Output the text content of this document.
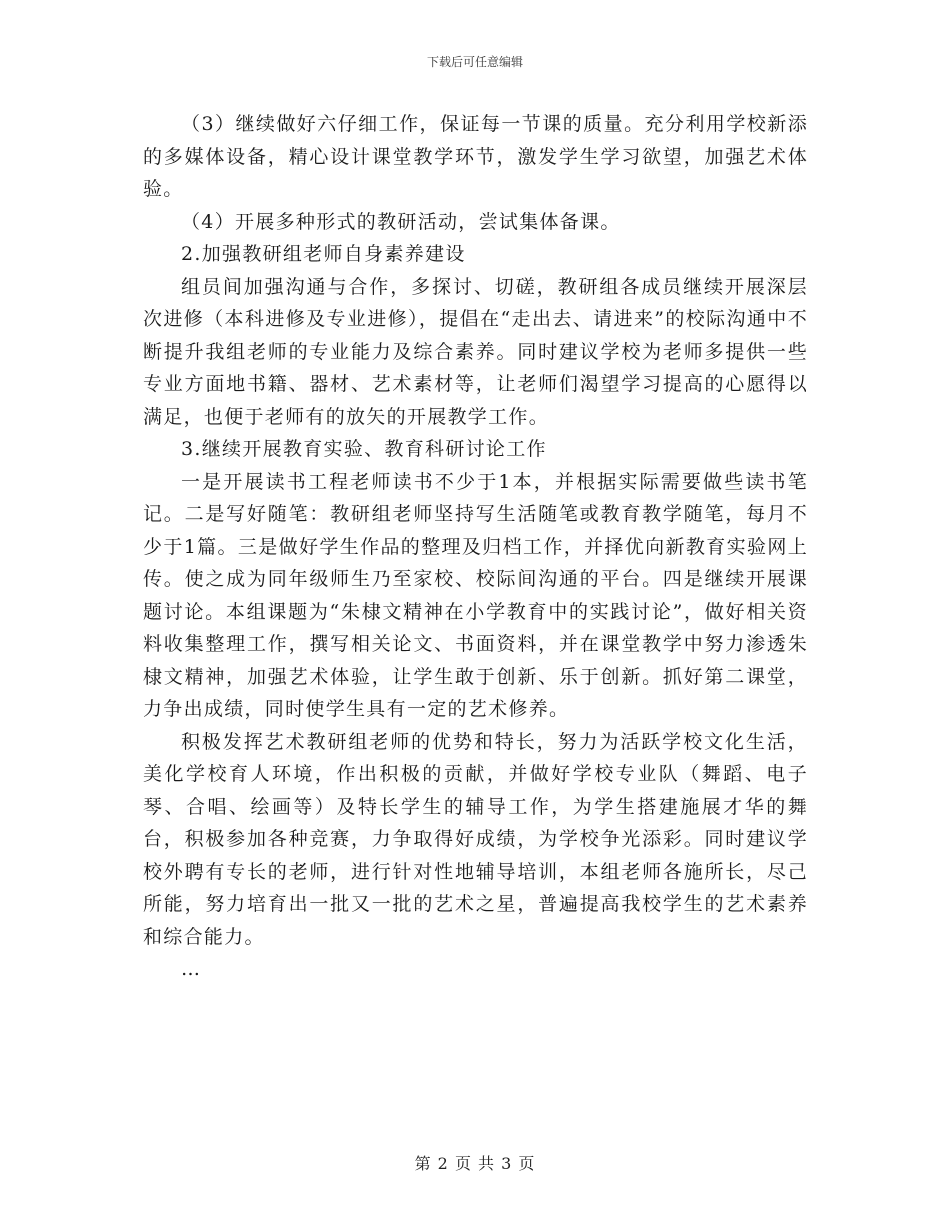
下载后可任意编辑

（3）继续做好六仔细工作，保证每一节课的质量。充分利用学校新添的多媒体设备，精心设计课堂教学环节，激发学生学习欲望，加强艺术体验。

（4）开展多种形式的教研活动，尝试集体备课。

2.加强教研组老师自身素养建设

组员间加强沟通与合作，多探讨、切磋，教研组各成员继续开展深层次进修（本科进修及专业进修），提倡在“走出去、请进来”的校际沟通中不断提升我组老师的专业能力及综合素养。同时建议学校为老师多提供一些专业方面地书籍、器材、艺术素材等，让老师们渴望学习提高的心愿得以满足，也便于老师有的放矢的开展教学工作。

3.继续开展教育实验、教育科研讨论工作

一是开展读书工程老师读书不少于1本，并根据实际需要做些读书笔记。二是写好随笔：教研组老师坚持写生活随笔或教育教学随笔，每月不少于1篇。三是做好学生作品的整理及归档工作，并择优向新教育实验网上传。使之成为同年级师生乃至家校、校际间沟通的平台。四是继续开展课题讨论。本组课题为“朱棣文精神在小学教育中的实践讨论”，做好相关资料收集整理工作，撰写相关论文、书面资料，并在课堂教学中努力渗透朱棣文精神，加强艺术体验，让学生敢于创新、乐于创新。抓好第二课堂，力争出成绩，同时使学生具有一定的艺术修养。

积极发挥艺术教研组老师的优势和特长，努力为活跃学校文化生活，美化学校育人环境，作出积极的贡献，并做好学校专业队（舞蹈、电子琴、合唱、绘画等）及特长学生的辅导工作，为学生搭建施展才华的舞台，积极参加各种竞赛，力争取得好成绩，为学校争光添彩。同时建议学校外聘有专长的老师，进行针对性地辅导培训，本组老师各施所长，尽己所能，努力培育出一批又一批的艺术之星，普遍提高我校学生的艺术素养和综合能力。

…

第 2 页 共 3 页
